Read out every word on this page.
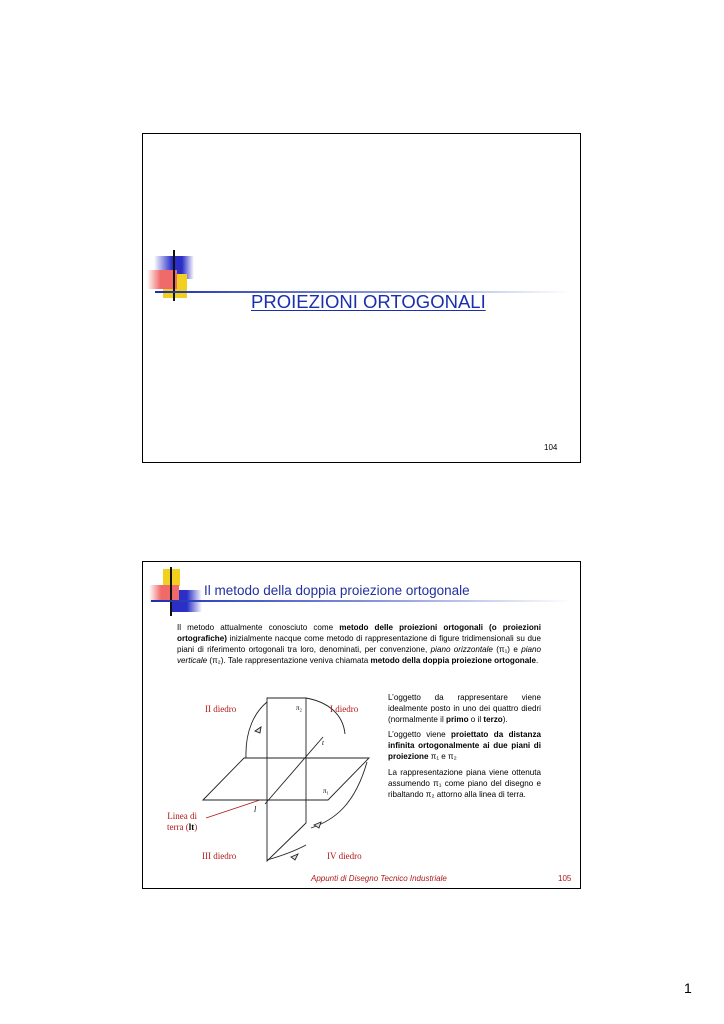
PROIEZIONI ORTOGONALI
104
Il metodo della doppia proiezione ortogonale
Il metodo attualmente conosciuto come metodo delle proiezioni ortogonali (o proiezioni ortografiche) inizialmente nacque come metodo di rappresentazione di figure tridimensionali su due piani di riferimento ortogonali tra loro, denominati, per convenzione, piano orizzontale (π₁) e piano verticale (π₂). Tale rappresentazione veniva chiamata metodo della doppia proiezione ortogonale.
π₂
t
π₁
l
II diedro	I diedro
III diedro	IV diedro
Linea di
terra (lt)

L’oggetto da rappresentare viene idealmente posto in uno dei quattro diedri (normalmente il primo o il terzo).

L’oggetto viene proiettato da distanza infinita ortogonalmente ai due piani di proiezione π₁ e π₂

La rappresentazione piana viene ottenuta assumendo π₁ come piano del disegno e ribaltando π₂ attorno alla linea di terra.

Appunti di Disegno Tecnico Industriale	105
1
